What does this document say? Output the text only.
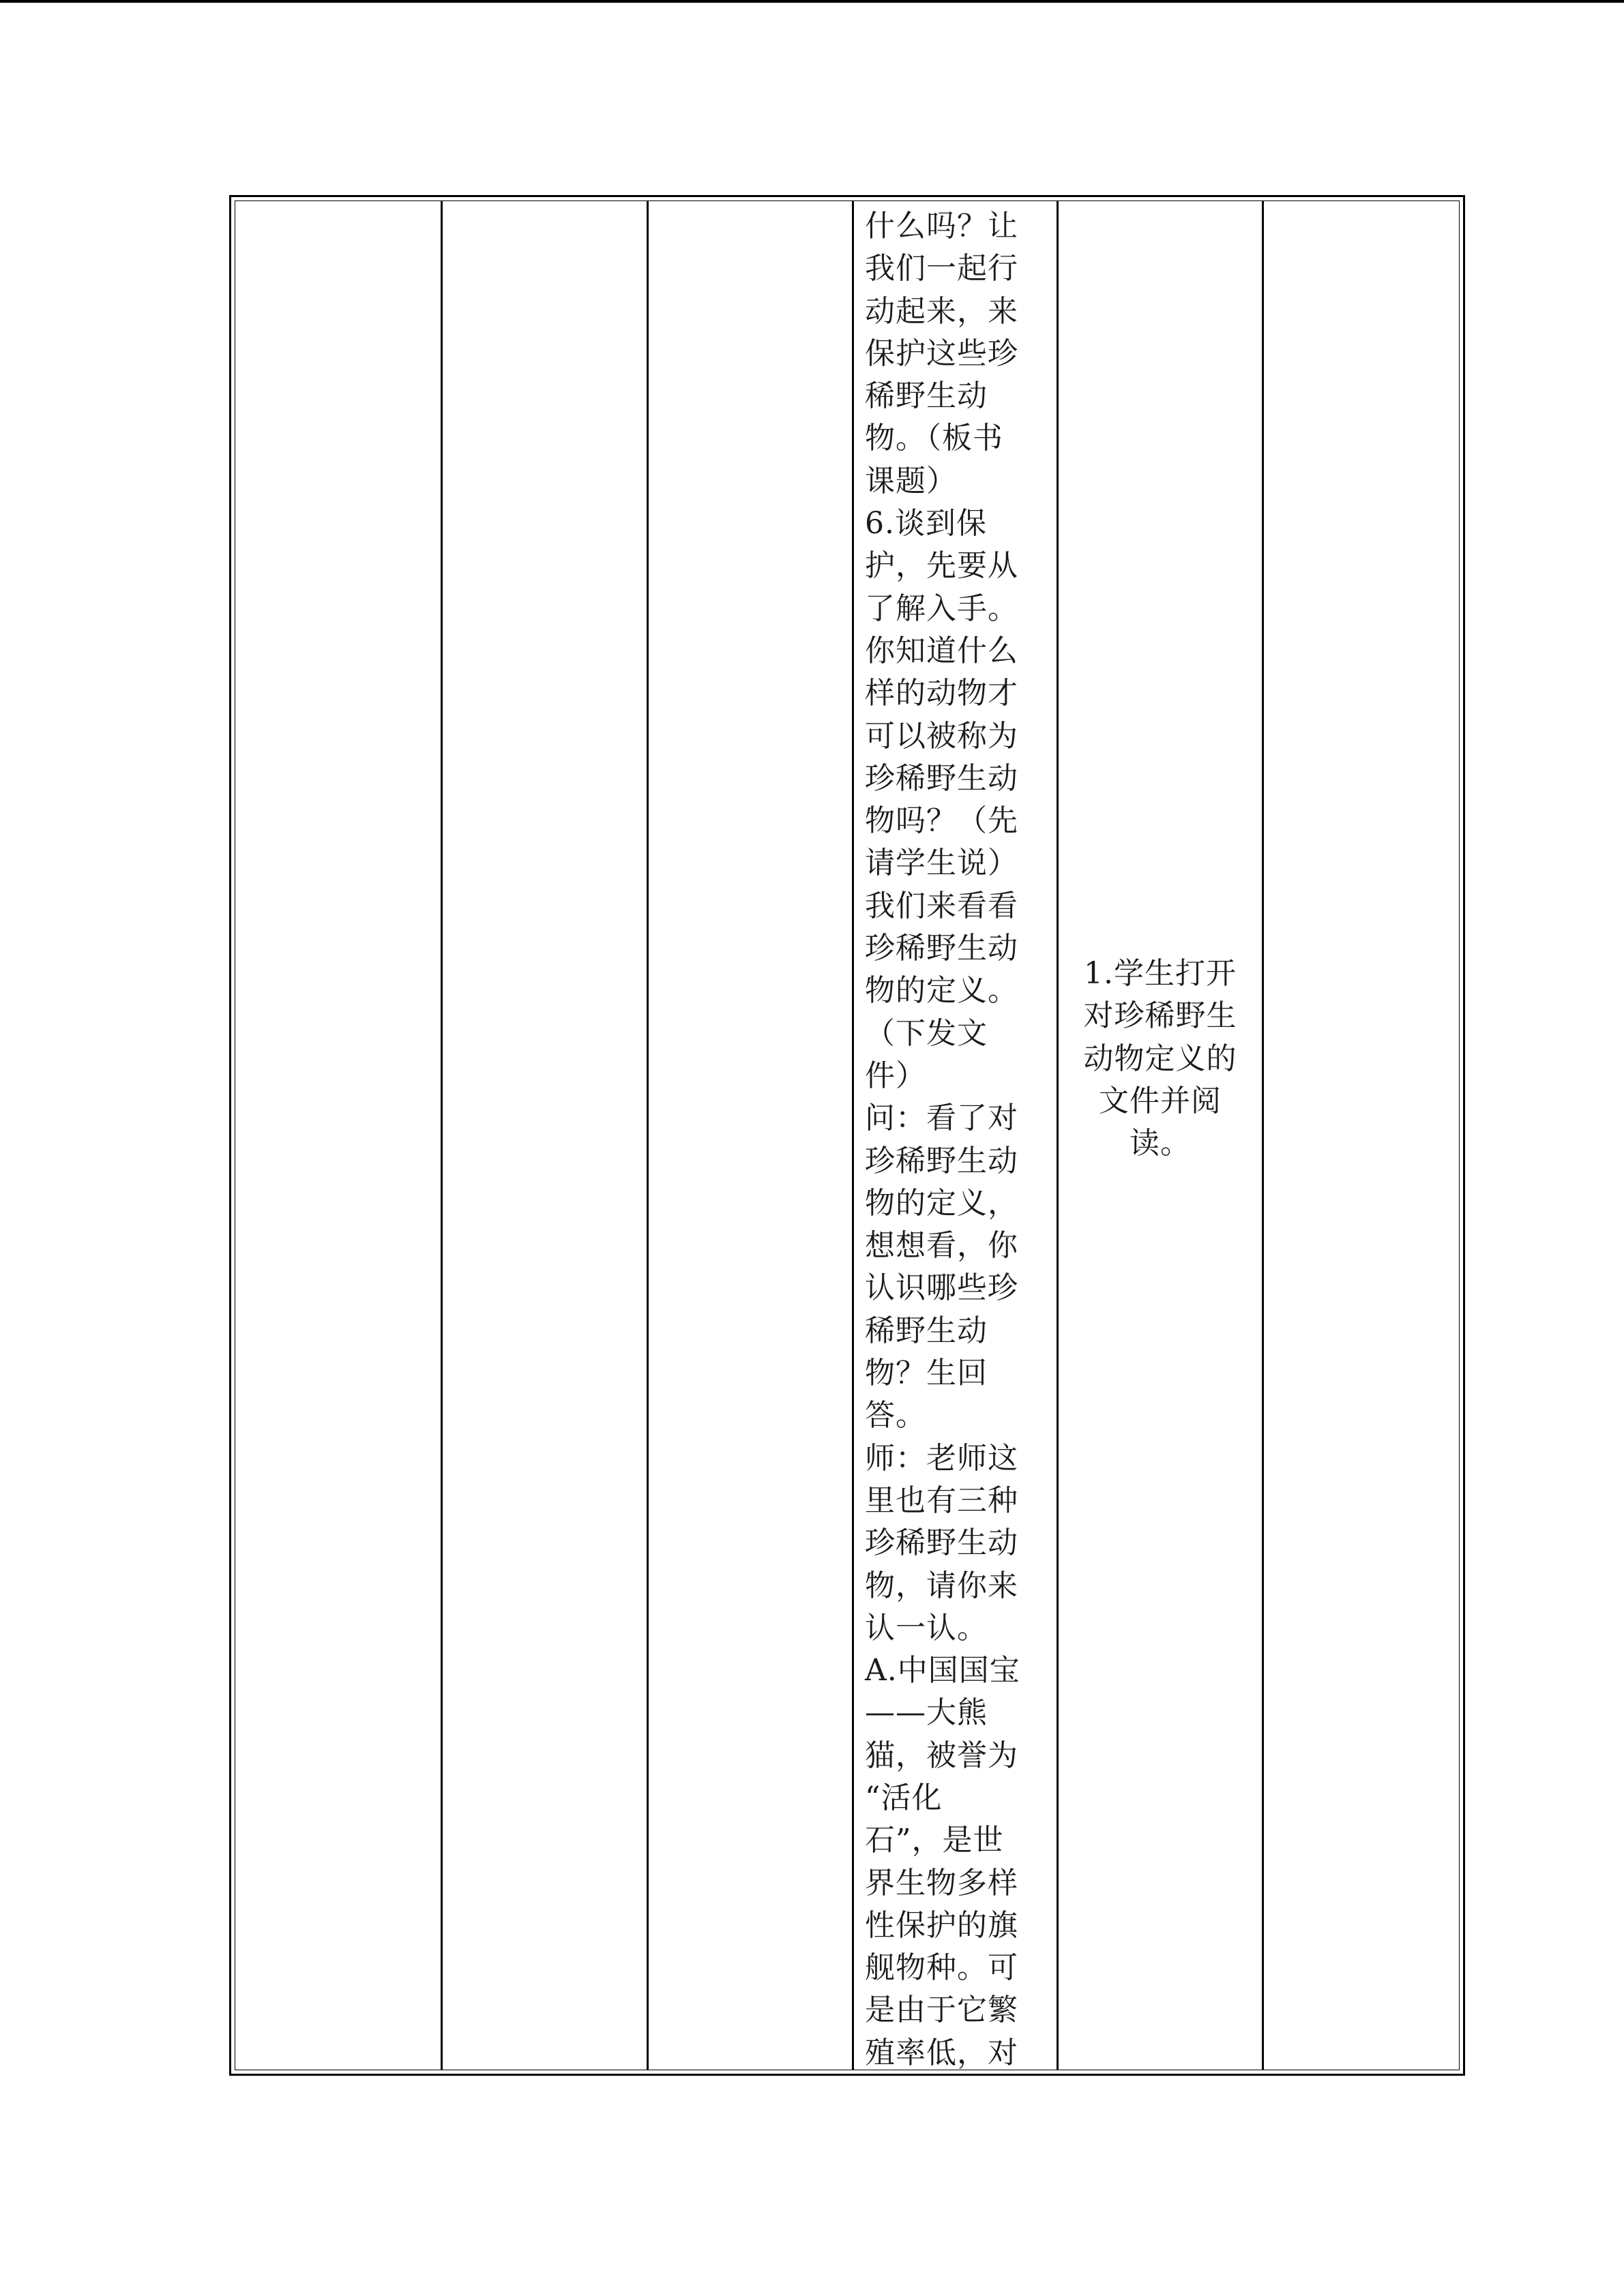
什么吗？让
我们一起行
动起来，来
保护这些珍
稀野生动
物。（板书
课题）
6.谈到保
护，先要从
了解入手。
你知道什么
样的动物才
可以被称为
珍稀野生动
物吗？（先
请学生说）
我们来看看
珍稀野生动
物的定义。
（下发文
件）
问：看了对
珍稀野生动
物的定义，
想想看，你
认识哪些珍
稀野生动
物？生回
答。
师：老师这
里也有三种
珍稀野生动
物，请你来
认一认。
A.中国国宝
——大熊
猫，被誉为
“活化
石”，是世
界生物多样
性保护的旗
舰物种。可
是由于它繁
殖率低，对
1.学生打开
对珍稀野生
动物定义的
文件并阅
读。
